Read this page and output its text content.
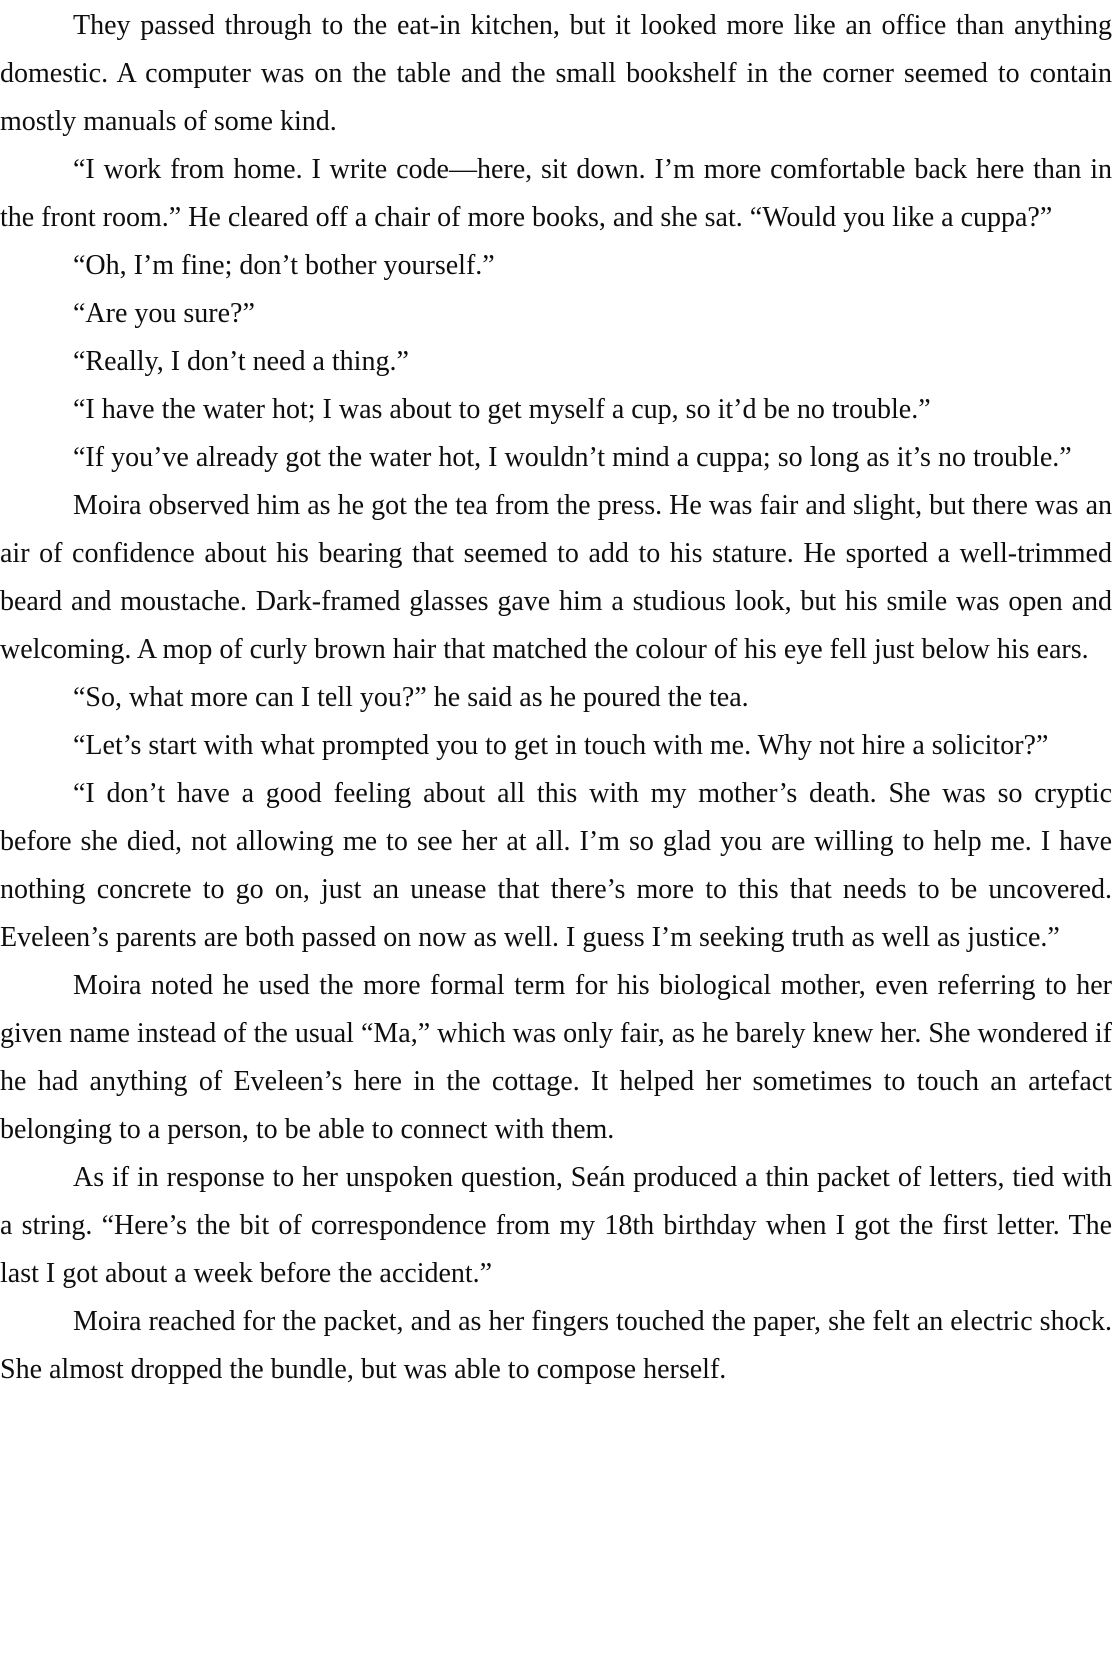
They passed through to the eat-in kitchen, but it looked more like an office than anything domestic. A computer was on the table and the small bookshelf in the corner seemed to contain mostly manuals of some kind.

“I work from home. I write code—here, sit down. I’m more comfortable back here than in the front room.” He cleared off a chair of more books, and she sat. “Would you like a cuppa?”

“Oh, I’m fine; don’t bother yourself.”

“Are you sure?”

“Really, I don’t need a thing.”

“I have the water hot; I was about to get myself a cup, so it’d be no trouble.”

“If you’ve already got the water hot, I wouldn’t mind a cuppa; so long as it’s no trouble.”

Moira observed him as he got the tea from the press. He was fair and slight, but there was an air of confidence about his bearing that seemed to add to his stature. He sported a well-trimmed beard and moustache. Dark-framed glasses gave him a studious look, but his smile was open and welcoming. A mop of curly brown hair that matched the colour of his eye fell just below his ears.

“So, what more can I tell you?” he said as he poured the tea.

“Let’s start with what prompted you to get in touch with me. Why not hire a solicitor?”

“I don’t have a good feeling about all this with my mother’s death. She was so cryptic before she died, not allowing me to see her at all. I’m so glad you are willing to help me. I have nothing concrete to go on, just an unease that there’s more to this that needs to be uncovered. Eveleen’s parents are both passed on now as well. I guess I’m seeking truth as well as justice.”

Moira noted he used the more formal term for his biological mother, even referring to her given name instead of the usual “Ma,” which was only fair, as he barely knew her. She wondered if he had anything of Eveleen’s here in the cottage. It helped her sometimes to touch an artefact belonging to a person, to be able to connect with them.

As if in response to her unspoken question, Seán produced a thin packet of letters, tied with a string. “Here’s the bit of correspondence from my 18th birthday when I got the first letter. The last I got about a week before the accident.”

Moira reached for the packet, and as her fingers touched the paper, she felt an electric shock. She almost dropped the bundle, but was able to compose herself.
